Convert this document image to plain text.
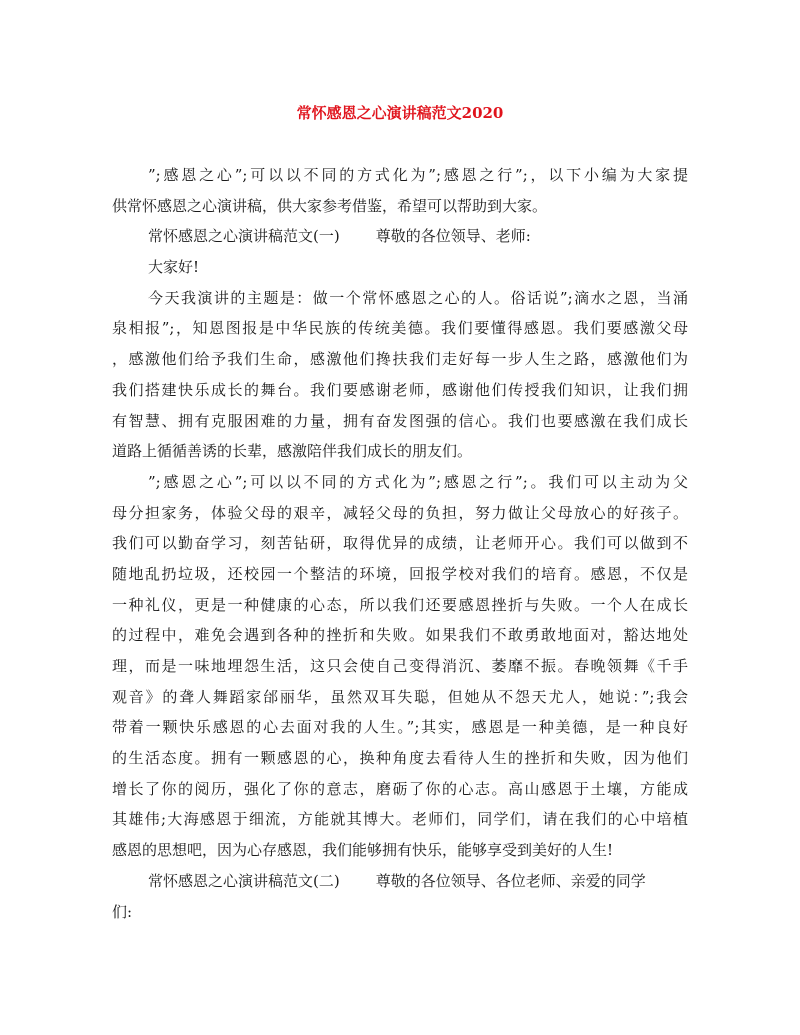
常怀感恩之心演讲稿范文2020
”;感恩之心”;可以以不同的方式化为”;感恩之行”;，以下小编为大家提
供常怀感恩之心演讲稿，供大家参考借鉴，希望可以帮助到大家。
常怀感恩之心演讲稿范文(一) 尊敬的各位领导、老师:
大家好!
今天我演讲的主题是：做一个常怀感恩之心的人。俗话说”;滴水之恩，当涌
泉相报”;，知恩图报是中华民族的传统美德。我们要懂得感恩。我们要感激父母
，感激他们给予我们生命，感激他们搀扶我们走好每一步人生之路，感激他们为
我们搭建快乐成长的舞台。我们要感谢老师，感谢他们传授我们知识，让我们拥
有智慧、拥有克服困难的力量，拥有奋发图强的信心。我们也要感激在我们成长
道路上循循善诱的长辈，感激陪伴我们成长的朋友们。
”;感恩之心”;可以以不同的方式化为”;感恩之行”;。我们可以主动为父
母分担家务，体验父母的艰辛，减轻父母的负担，努力做让父母放心的好孩子。
我们可以勤奋学习，刻苦钻研，取得优异的成绩，让老师开心。我们可以做到不
随地乱扔垃圾，还校园一个整洁的环境，回报学校对我们的培育。感恩，不仅是
一种礼仪，更是一种健康的心态，所以我们还要感恩挫折与失败。一个人在成长
的过程中，难免会遇到各种的挫折和失败。如果我们不敢勇敢地面对，豁达地处
理，而是一味地埋怨生活，这只会使自己变得消沉、萎靡不振。春晚领舞《千手
观音》的聋人舞蹈家邰丽华，虽然双耳失聪，但她从不怨天尤人，她说：”;我会
带着一颗快乐感恩的心去面对我的人生。”;其实，感恩是一种美德，是一种良好
的生活态度。拥有一颗感恩的心，换种角度去看待人生的挫折和失败，因为他们
增长了你的阅历，强化了你的意志，磨砺了你的心志。高山感恩于土壤，方能成
其雄伟;大海感恩于细流，方能就其博大。老师们，同学们，请在我们的心中培植
感恩的思想吧，因为心存感恩，我们能够拥有快乐，能够享受到美好的人生!
常怀感恩之心演讲稿范文(二) 尊敬的各位领导、各位老师、亲爱的同学
们:
